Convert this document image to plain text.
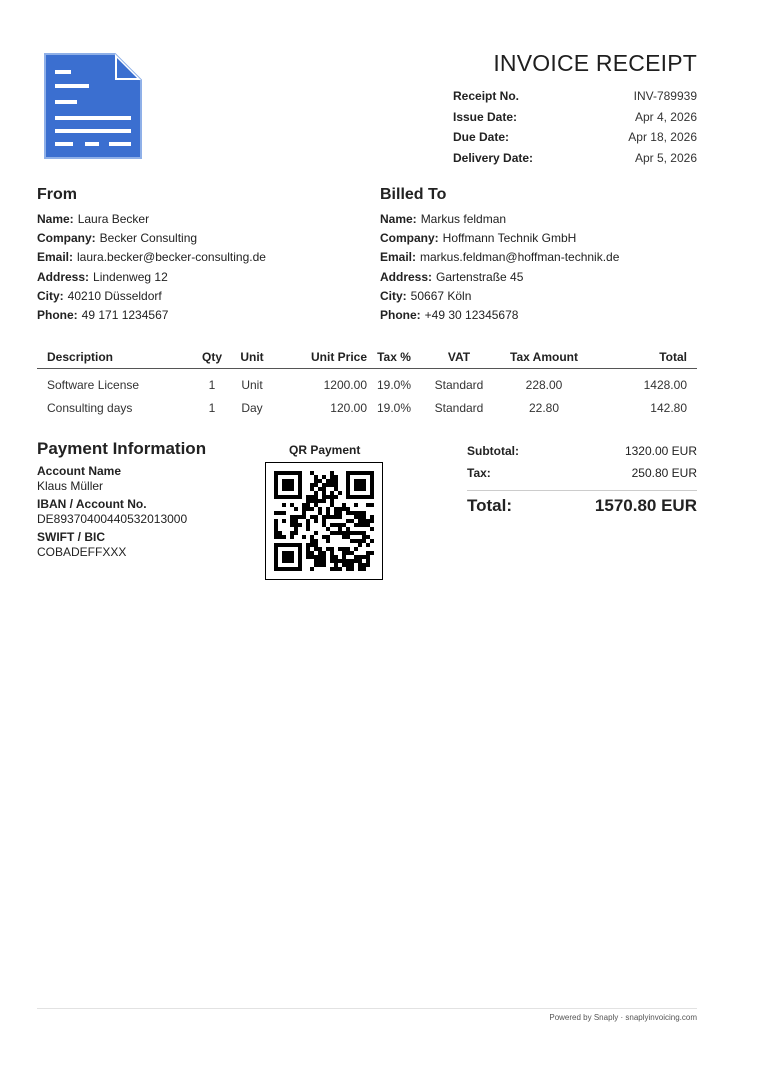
INVOICE RECEIPT
Receipt No.	INV-789939
Issue Date:	Apr 4, 2026
Due Date:	Apr 18, 2026
Delivery Date:	Apr 5, 2026
From
Name: Laura Becker
Company: Becker Consulting
Email: laura.becker@becker-consulting.de
Address: Lindenweg 12
City: 40210 Düsseldorf
Phone: 49 171 1234567
Billed To
Name: Markus feldman
Company: Hoffmann Technik GmbH
Email: markus.feldman@hoffman-technik.de
Address: Gartenstraße 45
City: 50667 Köln
Phone: +49 30 12345678
Description	Qty	Unit	Unit Price	Tax %	VAT	Tax Amount	Total
Software License	1	Unit	1200.00	19.0%	Standard	228.00	1428.00
Consulting days	1	Day	120.00	19.0%	Standard	22.80	142.80
Payment Information
Account Name
Klaus Müller
IBAN / Account No.
DE89370400440532013000
SWIFT / BIC
COBADEFFXXX
QR Payment	Subtotal:	1320.00 EUR
Tax:	250.80 EUR
Total:	1570.80 EUR
Powered by Snaply · snaplyinvoicing.com
